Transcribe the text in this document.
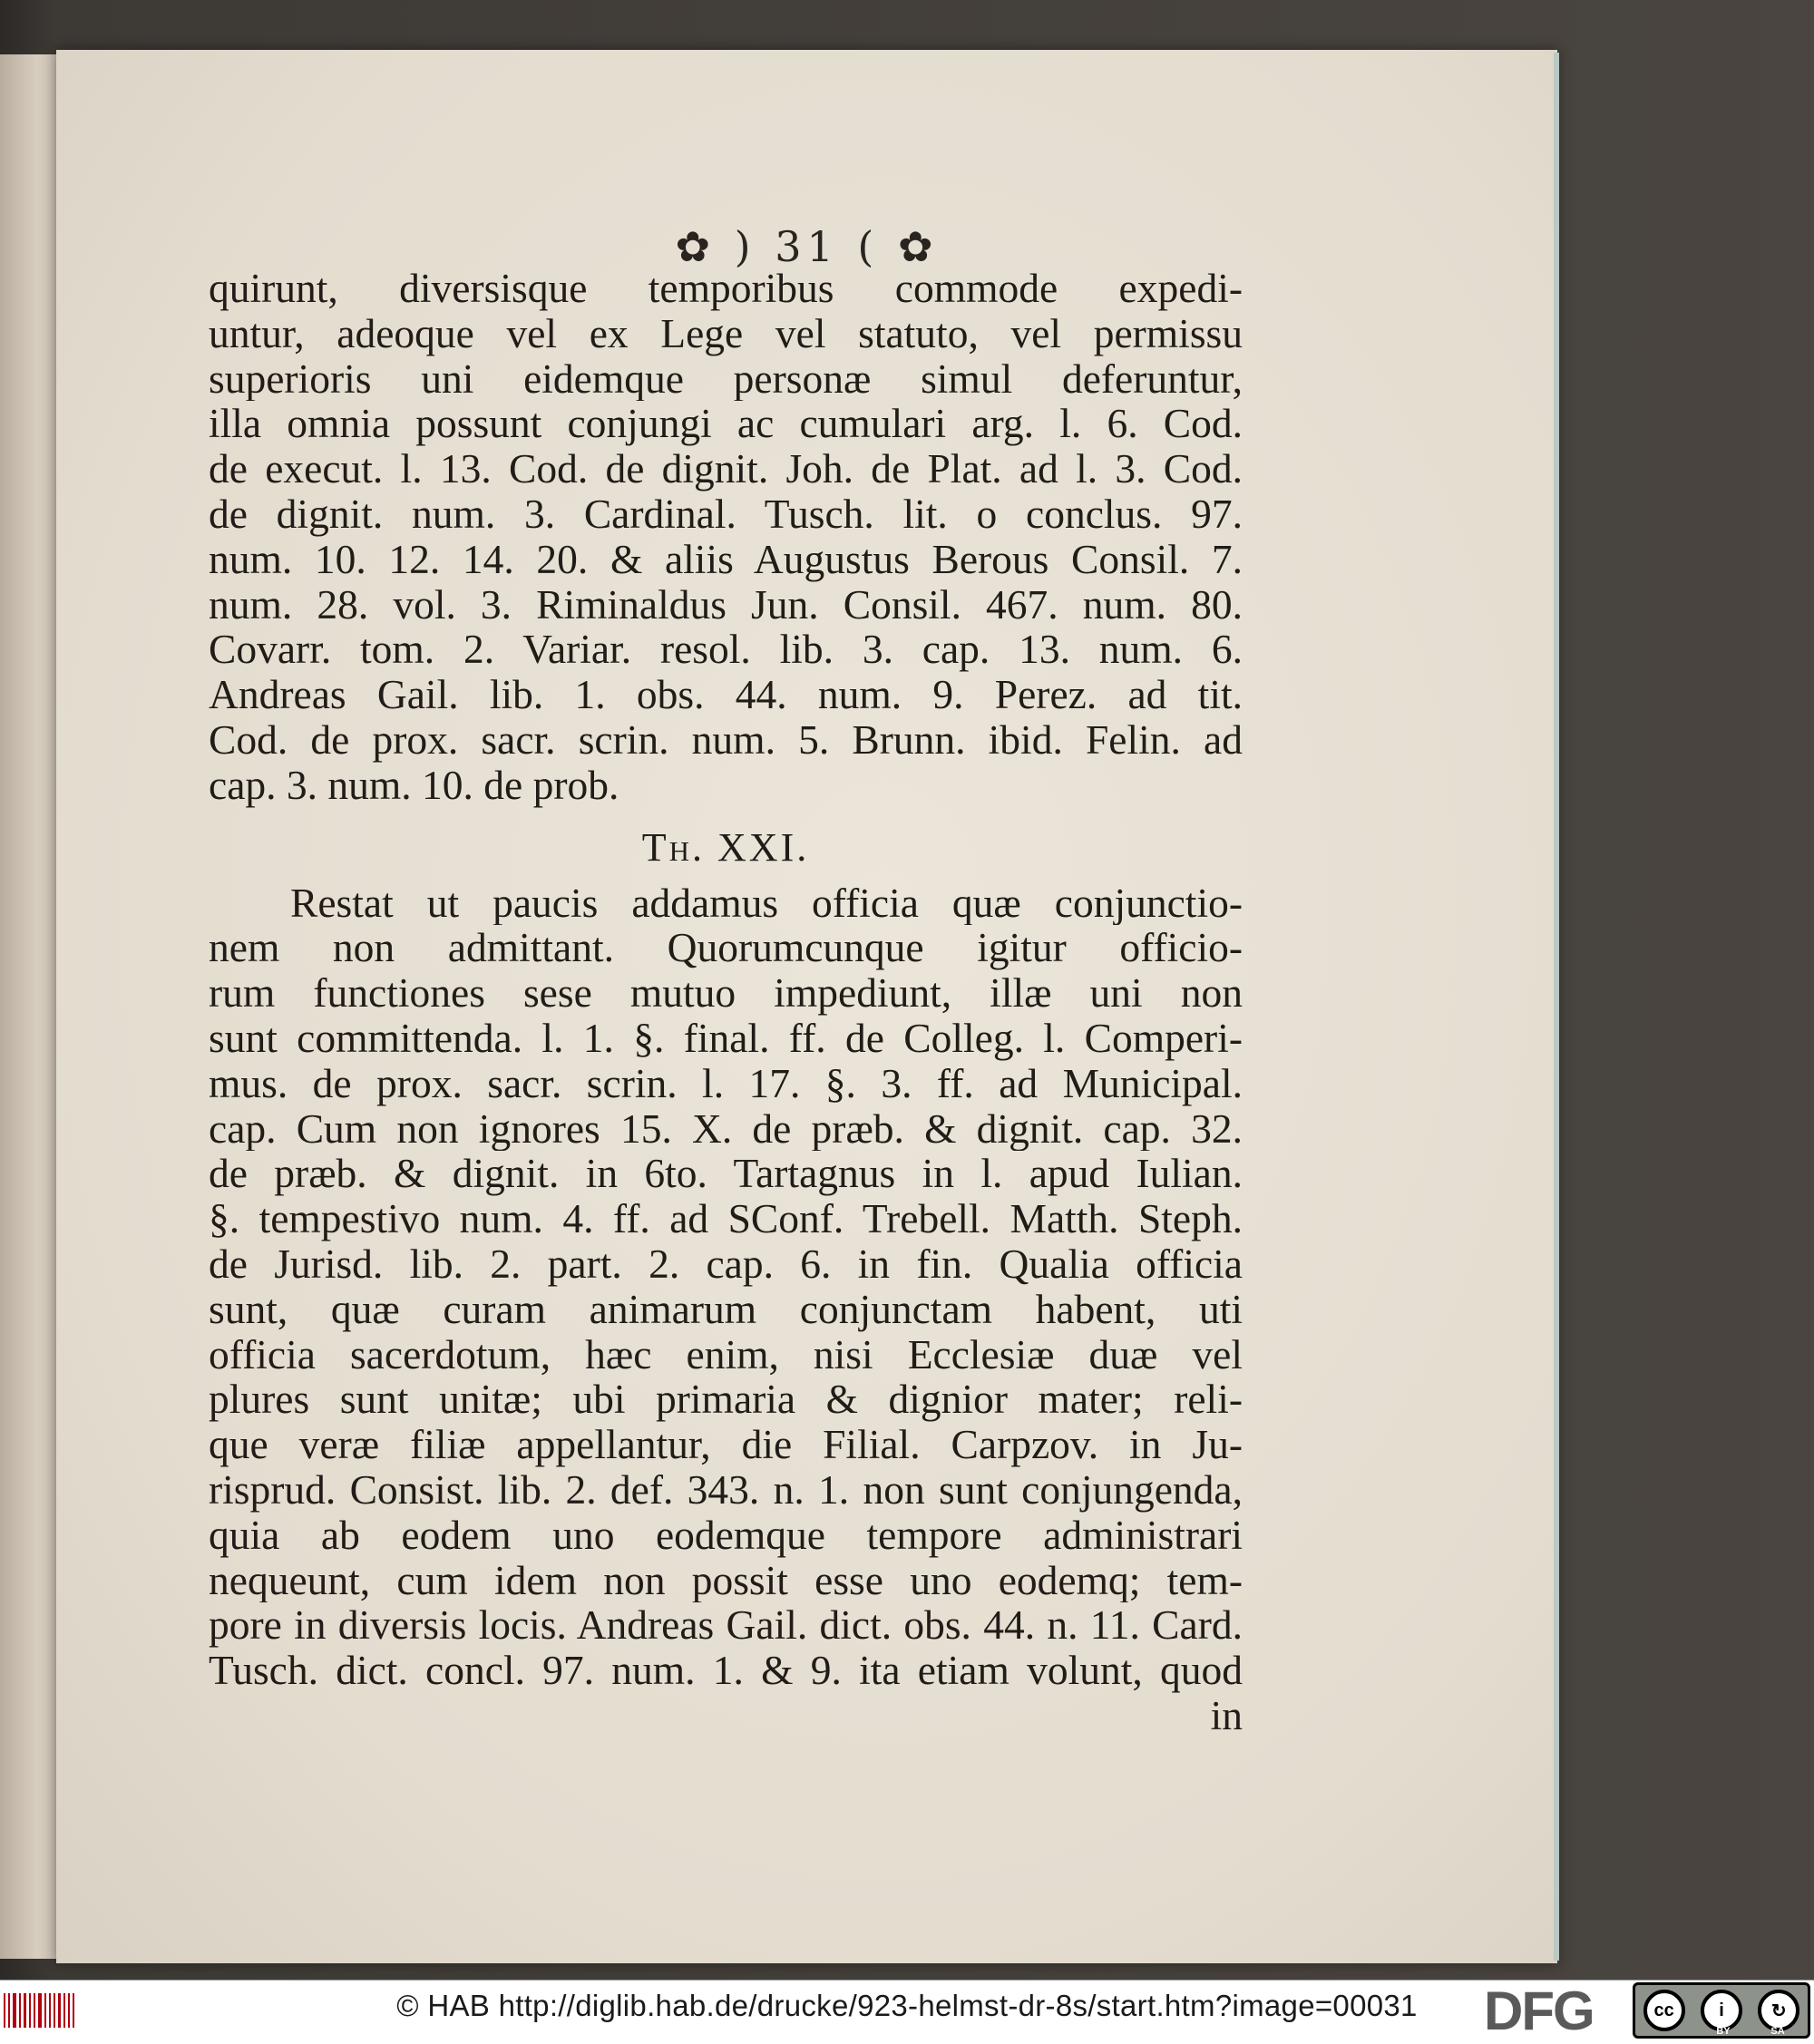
✿ ) 31 ( ✿
quirunt, diversisque temporibus commode expedi-
untur, adeoque vel ex Lege vel statuto, vel permissu
superioris uni eidemque personæ simul deferuntur,
illa omnia possunt conjungi ac cumulari arg. l. 6. Cod.
de execut. l. 13. Cod. de dignit. Joh. de Plat. ad l. 3. Cod.
de dignit. num. 3. Cardinal. Tusch. lit. o conclus. 97.
num. 10. 12. 14. 20. & aliis Augustus Berous Consil. 7.
num. 28. vol. 3. Riminaldus Jun. Consil. 467. num. 80.
Covarr. tom. 2. Variar. resol. lib. 3. cap. 13. num. 6.
Andreas Gail. lib. 1. obs. 44. num. 9. Perez. ad tit.
Cod. de prox. sacr. scrin. num. 5. Brunn. ibid. Felin. ad
cap. 3. num. 10. de prob.
Th. XXI.
Restat ut paucis addamus officia quæ conjunctio-
nem non admittant. Quorumcunque igitur officio-
rum functiones sese mutuo impediunt, illæ uni non
sunt committenda. l. 1. §. final. ff. de Colleg. l. Comperi-
mus. de prox. sacr. scrin. l. 17. §. 3. ff. ad Municipal.
cap. Cum non ignores 15. X. de præb. & dignit. cap. 32.
de præb. & dignit. in 6to. Tartagnus in l. apud Iulian.
§. tempestivo num. 4. ff. ad SConf. Trebell. Matth. Steph.
de Jurisd. lib. 2. part. 2. cap. 6. in fin. Qualia officia
sunt, quæ curam animarum conjunctam habent, uti
officia sacerdotum, hæc enim, nisi Ecclesiæ duæ vel
plures sunt unitæ; ubi primaria & dignior mater; reli-
que veræ filiæ appellantur, die Filial. Carpzov. in Ju-
risprud. Consist. lib. 2. def. 343. n. 1. non sunt conjungenda,
quia ab eodem uno eodemque tempore administrari
nequeunt, cum idem non possit esse uno eodemq; tem-
pore in diversis locis. Andreas Gail. dict. obs. 44. n. 11. Card.
Tusch. dict. concl. 97. num. 1. & 9. ita etiam volunt, quod
in
© HAB http://diglib.hab.de/drucke/923-helmst-dr-8s/start.htm?image=00031	DFG	cc	i	↻
BY	SA
